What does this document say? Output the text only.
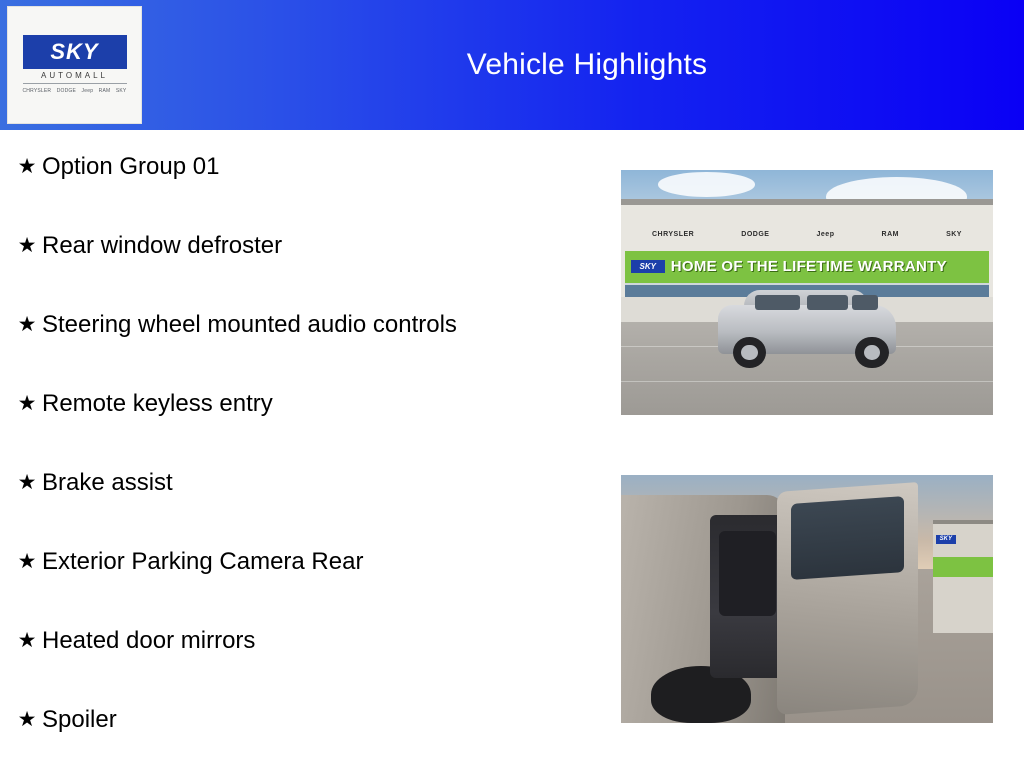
Vehicle Highlights
SKY
AUTOMALL
CHRYSLER DODGE Jeep RAM SKY
★ Option Group 01
★ Rear window defroster
★ Steering wheel mounted audio controls
★ Remote keyless entry
★ Brake assist
★ Exterior Parking Camera Rear
★ Heated door mirrors
★ Spoiler
CHRYSLER	DODGE	Jeep	RAM	SKY
SKY HOME OF THE LIFETIME WARRANTY
SKY
